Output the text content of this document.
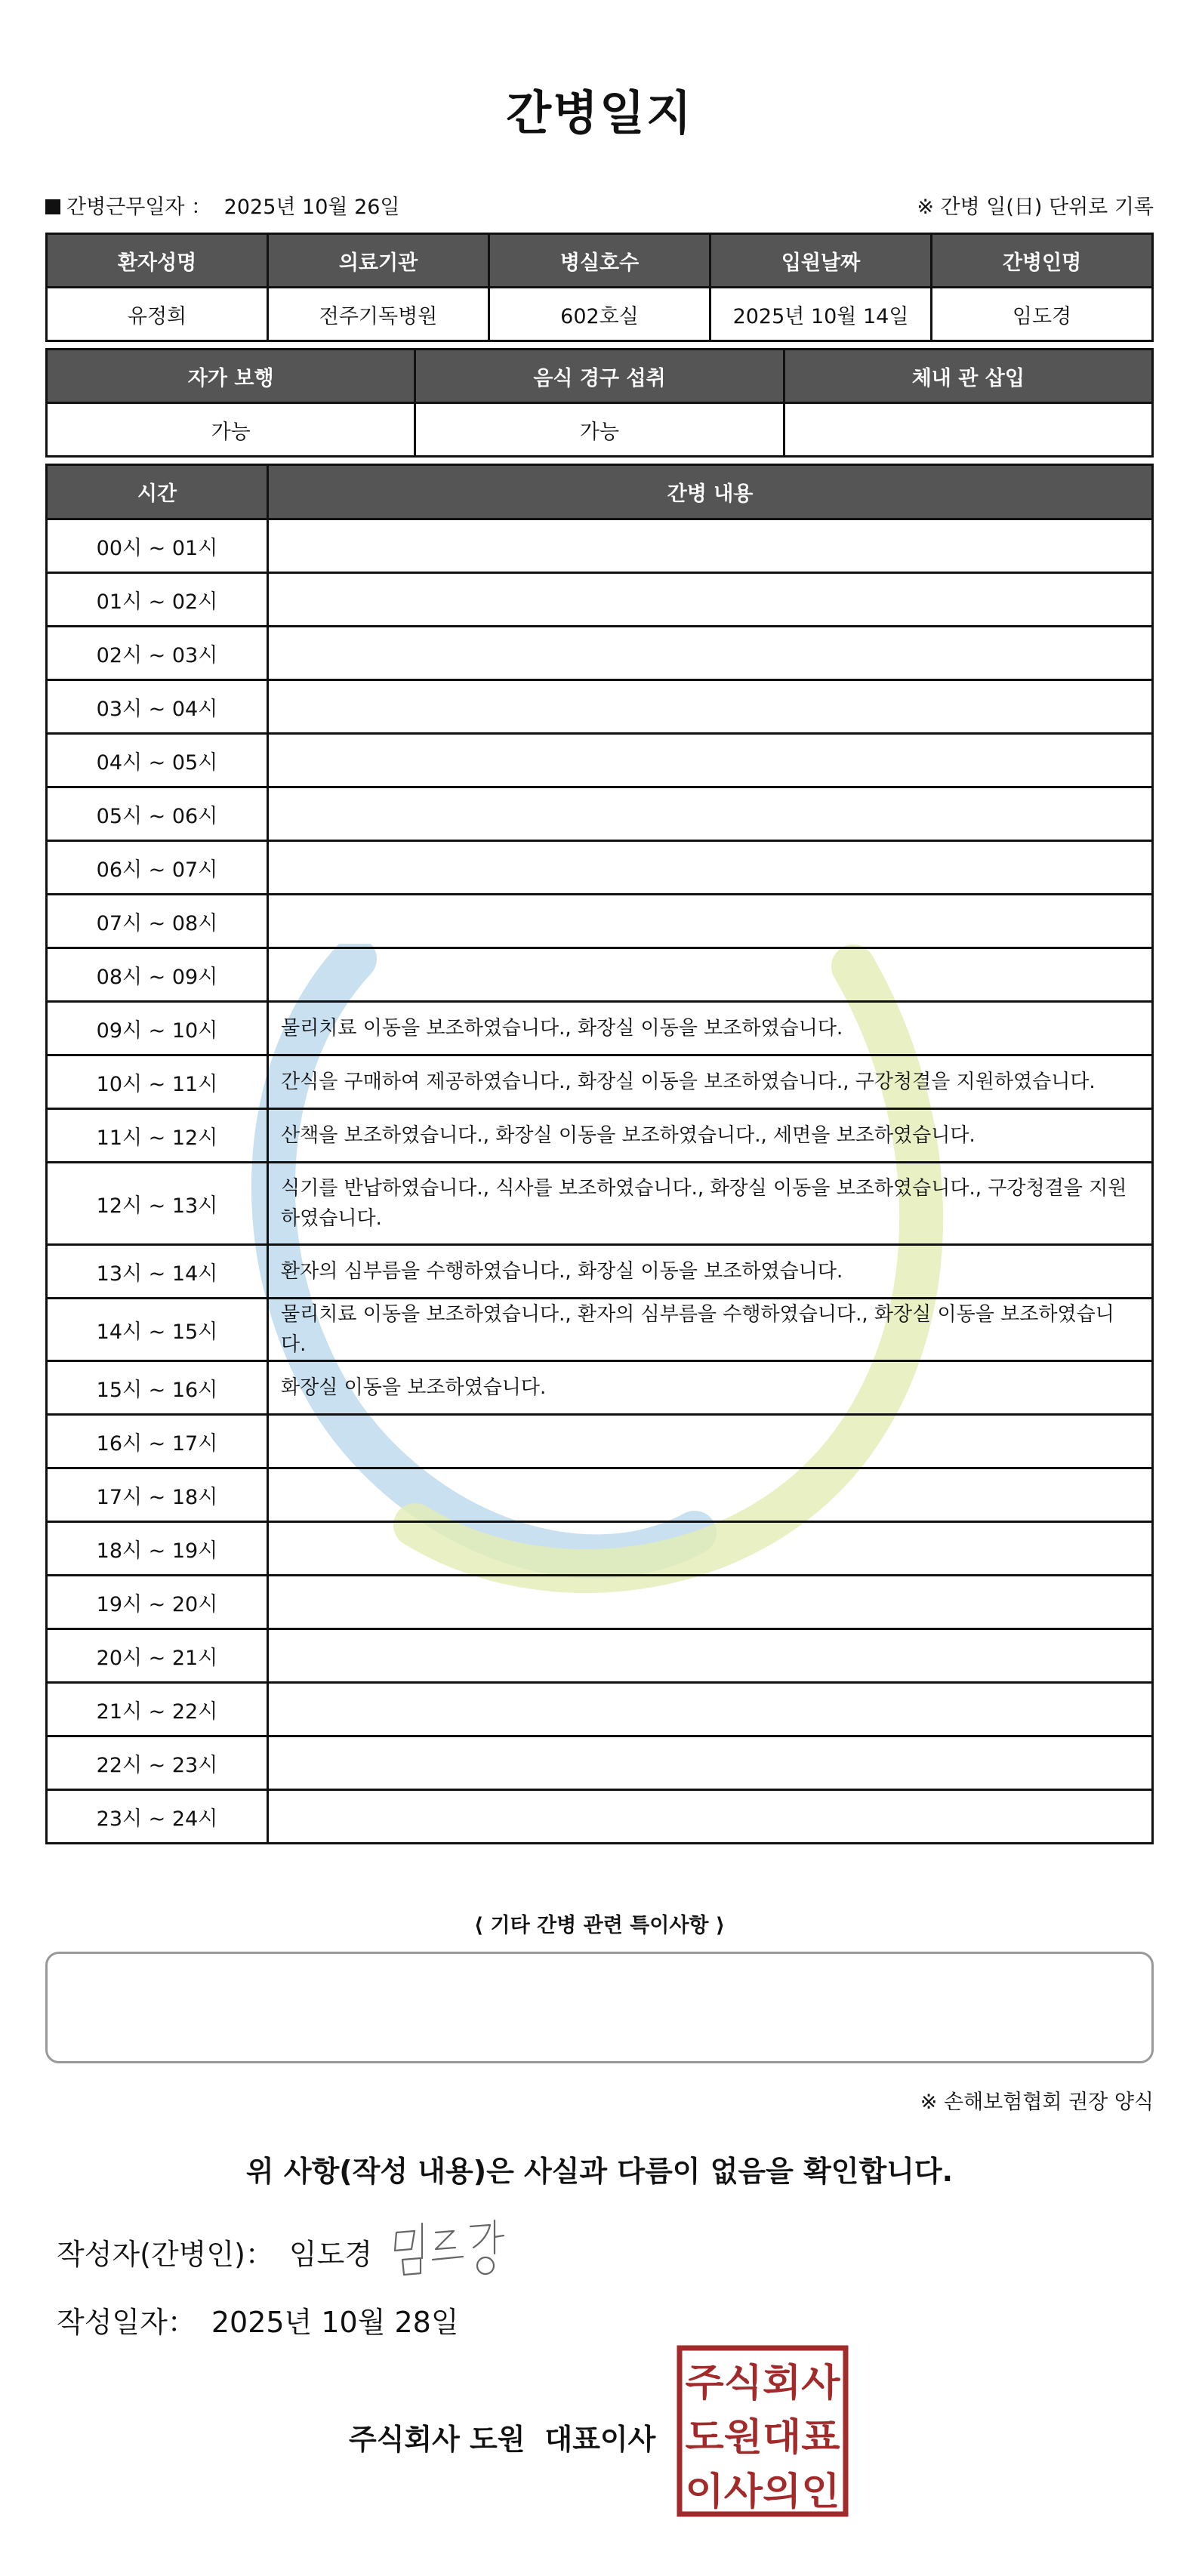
간병일지
간병근무일자 ： 2025년 10월 26일	※ 간병 일(日) 단위로 기록
환자성명	의료기관	병실호수	입원날짜	간병인명
유정희	전주기독병원	602호실	2025년 10월 14일	임도경
자가 보행	음식 경구 섭취	체내 관 삽입
가능	가능	
시간	간병 내용
00시 ~ 01시	
01시 ~ 02시	
02시 ~ 03시	
03시 ~ 04시	
04시 ~ 05시	
05시 ~ 06시	
06시 ~ 07시	
07시 ~ 08시	
08시 ~ 09시	
09시 ~ 10시	물리치료 이동을 보조하였습니다., 화장실 이동을 보조하였습니다.
10시 ~ 11시	간식을 구매하여 제공하였습니다., 화장실 이동을 보조하였습니다., 구강청결을 지원하였습니다.
11시 ~ 12시	산책을 보조하였습니다., 화장실 이동을 보조하였습니다., 세면을 보조하였습니다.
12시 ~ 13시	식기를 반납하였습니다., 식사를 보조하였습니다., 화장실 이동을 보조하였습니다., 구강청결을 지원하였습니다.
13시 ~ 14시	환자의 심부름을 수행하였습니다., 화장실 이동을 보조하였습니다.
14시 ~ 15시	물리치료 이동을 보조하였습니다., 환자의 심부름을 수행하였습니다., 화장실 이동을 보조하였습니다.
15시 ~ 16시	화장실 이동을 보조하였습니다.
16시 ~ 17시	
17시 ~ 18시	
18시 ~ 19시	
19시 ~ 20시	
20시 ~ 21시	
21시 ~ 22시	
22시 ~ 23시	
23시 ~ 24시	
⟨ 기타 간병 관련 특이사항 ⟩
※ 손해보험협회 권장 양식
위 사항(작성 내용)은 사실과 다름이 없음을 확인합니다.
작성자(간병인)： 임도경
작성일자： 2025년 10월 28일
주식회사 도원 대표이사
주식회사
도원대표
이사의인
